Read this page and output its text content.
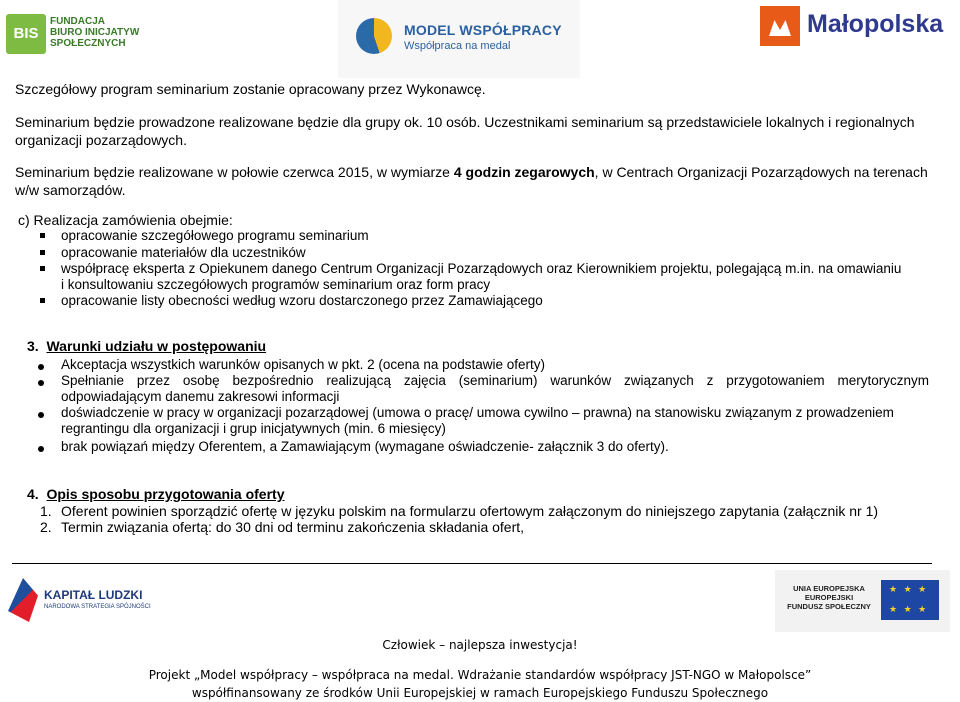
BIS
FUNDACJA
BIURO INICJATYW
SPOŁECZNYCH
MODEL WSPÓŁPRACY
Współpraca na medal
Małopolska
Szczegółowy program seminarium zostanie opracowany przez Wykonawcę.
Seminarium będzie prowadzone realizowane będzie dla grupy ok. 10 osób. Uczestnikami seminarium są przedstawiciele lokalnych i regionalnych organizacji pozarządowych.
Seminarium będzie realizowane w połowie czerwca 2015, w wymiarze 4 godzin zegarowych, w Centrach Organizacji Pozarządowych na terenach w/w samorządów.
c) Realizacja zamówienia obejmie:
opracowanie szczegółowego programu seminarium
opracowanie materiałów dla uczestników
współpracę eksperta z Opiekunem danego Centrum Organizacji Pozarządowych oraz Kierownikiem projektu, polegającą m.in. na omawianiu
i konsultowaniu szczegółowych programów seminarium oraz form pracy
opracowanie listy obecności według wzoru dostarczonego przez Zamawiającego
3. Warunki udziału w postępowaniu
Akceptacja wszystkich warunków opisanych w pkt. 2 (ocena na podstawie oferty)
Spełnianie przez osobę bezpośrednio realizującą zajęcia (seminarium) warunków związanych z przygotowaniem merytorycznym
odpowiadającym danemu zakresowi informacji
doświadczenie w pracy w organizacji pozarządowej (umowa o pracę/ umowa cywilno – prawna) na stanowisku związanym z prowadzeniem
regrantingu dla organizacji i grup inicjatywnych (min. 6 miesięcy)
brak powiązań między Oferentem, a Zamawiającym (wymagane oświadczenie- załącznik 3 do oferty).
4. Opis sposobu przygotowania oferty
1. Oferent powinien sporządzić ofertę w języku polskim na formularzu ofertowym załączonym do niniejszego zapytania (załącznik nr 1)
2. Termin związania ofertą: do 30 dni od terminu zakończenia składania ofert,
KAPITAŁ LUDZKI
NARODOWA STRATEGIA SPÓJNOŚCI
UNIA EUROPEJSKA
EUROPEJSKI
FUNDUSZ SPOŁECZNY
★ ★ ★ ★ ★ ★
Człowiek – najlepsza inwestycja!
Projekt „Model współpracy – współpraca na medal. Wdrażanie standardów współpracy JST-NGO w Małopolsce”
współfinansowany ze środków Unii Europejskiej w ramach Europejskiego Funduszu Społecznego
